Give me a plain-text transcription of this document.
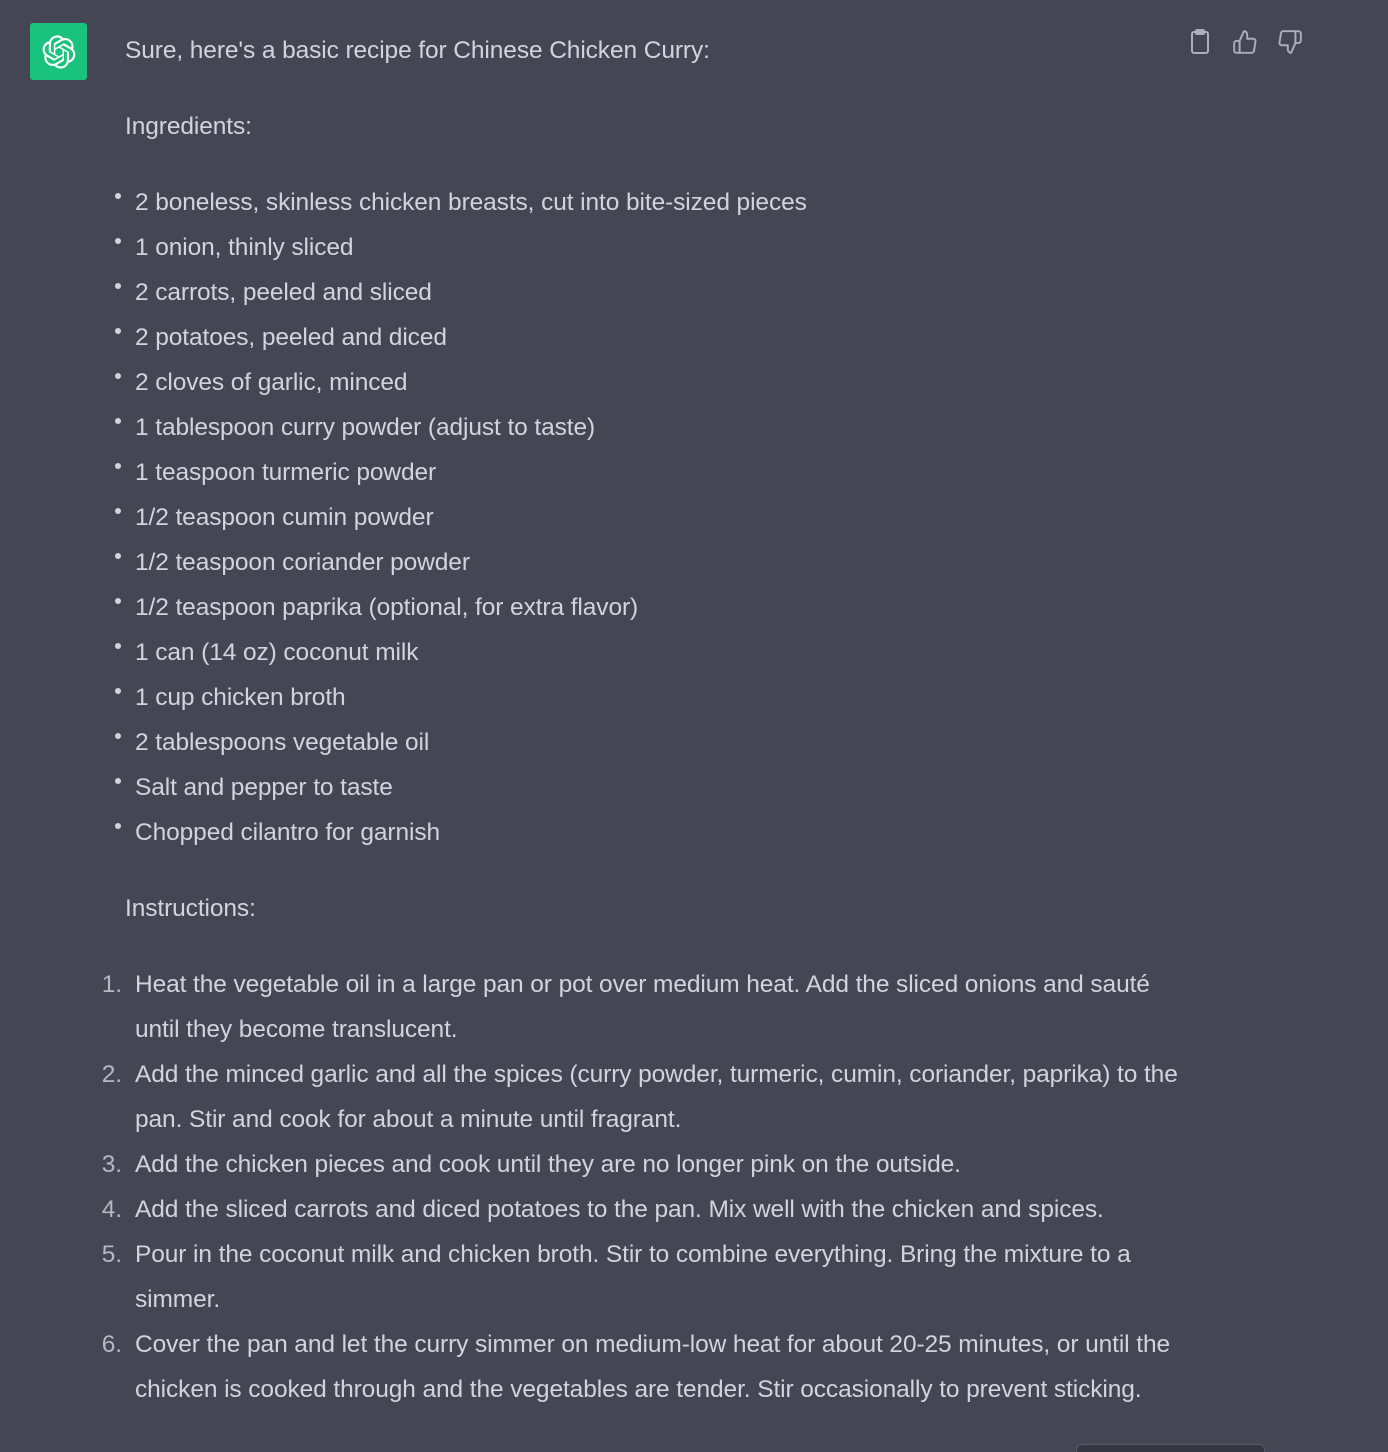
Sure, here's a basic recipe for Chinese Chicken Curry:

Ingredients:

2 boneless, skinless chicken breasts, cut into bite-sized pieces
1 onion, thinly sliced
2 carrots, peeled and sliced
2 potatoes, peeled and diced
2 cloves of garlic, minced
1 tablespoon curry powder (adjust to taste)
1 teaspoon turmeric powder
1/2 teaspoon cumin powder
1/2 teaspoon coriander powder
1/2 teaspoon paprika (optional, for extra flavor)
1 can (14 oz) coconut milk
1 cup chicken broth
2 tablespoons vegetable oil
Salt and pepper to taste
Chopped cilantro for garnish

Instructions:

1. Heat the vegetable oil in a large pan or pot over medium heat. Add the sliced onions and sauté until they become translucent.
2. Add the minced garlic and all the spices (curry powder, turmeric, cumin, coriander, paprika) to the pan. Stir and cook for about a minute until fragrant.
3. Add the chicken pieces and cook until they are no longer pink on the outside.
4. Add the sliced carrots and diced potatoes to the pan. Mix well with the chicken and spices.
5. Pour in the coconut milk and chicken broth. Stir to combine everything. Bring the mixture to a simmer.
6. Cover the pan and let the curry simmer on medium-low heat for about 20-25 minutes, or until the chicken is cooked through and the vegetables are tender. Stir occasionally to prevent sticking.
